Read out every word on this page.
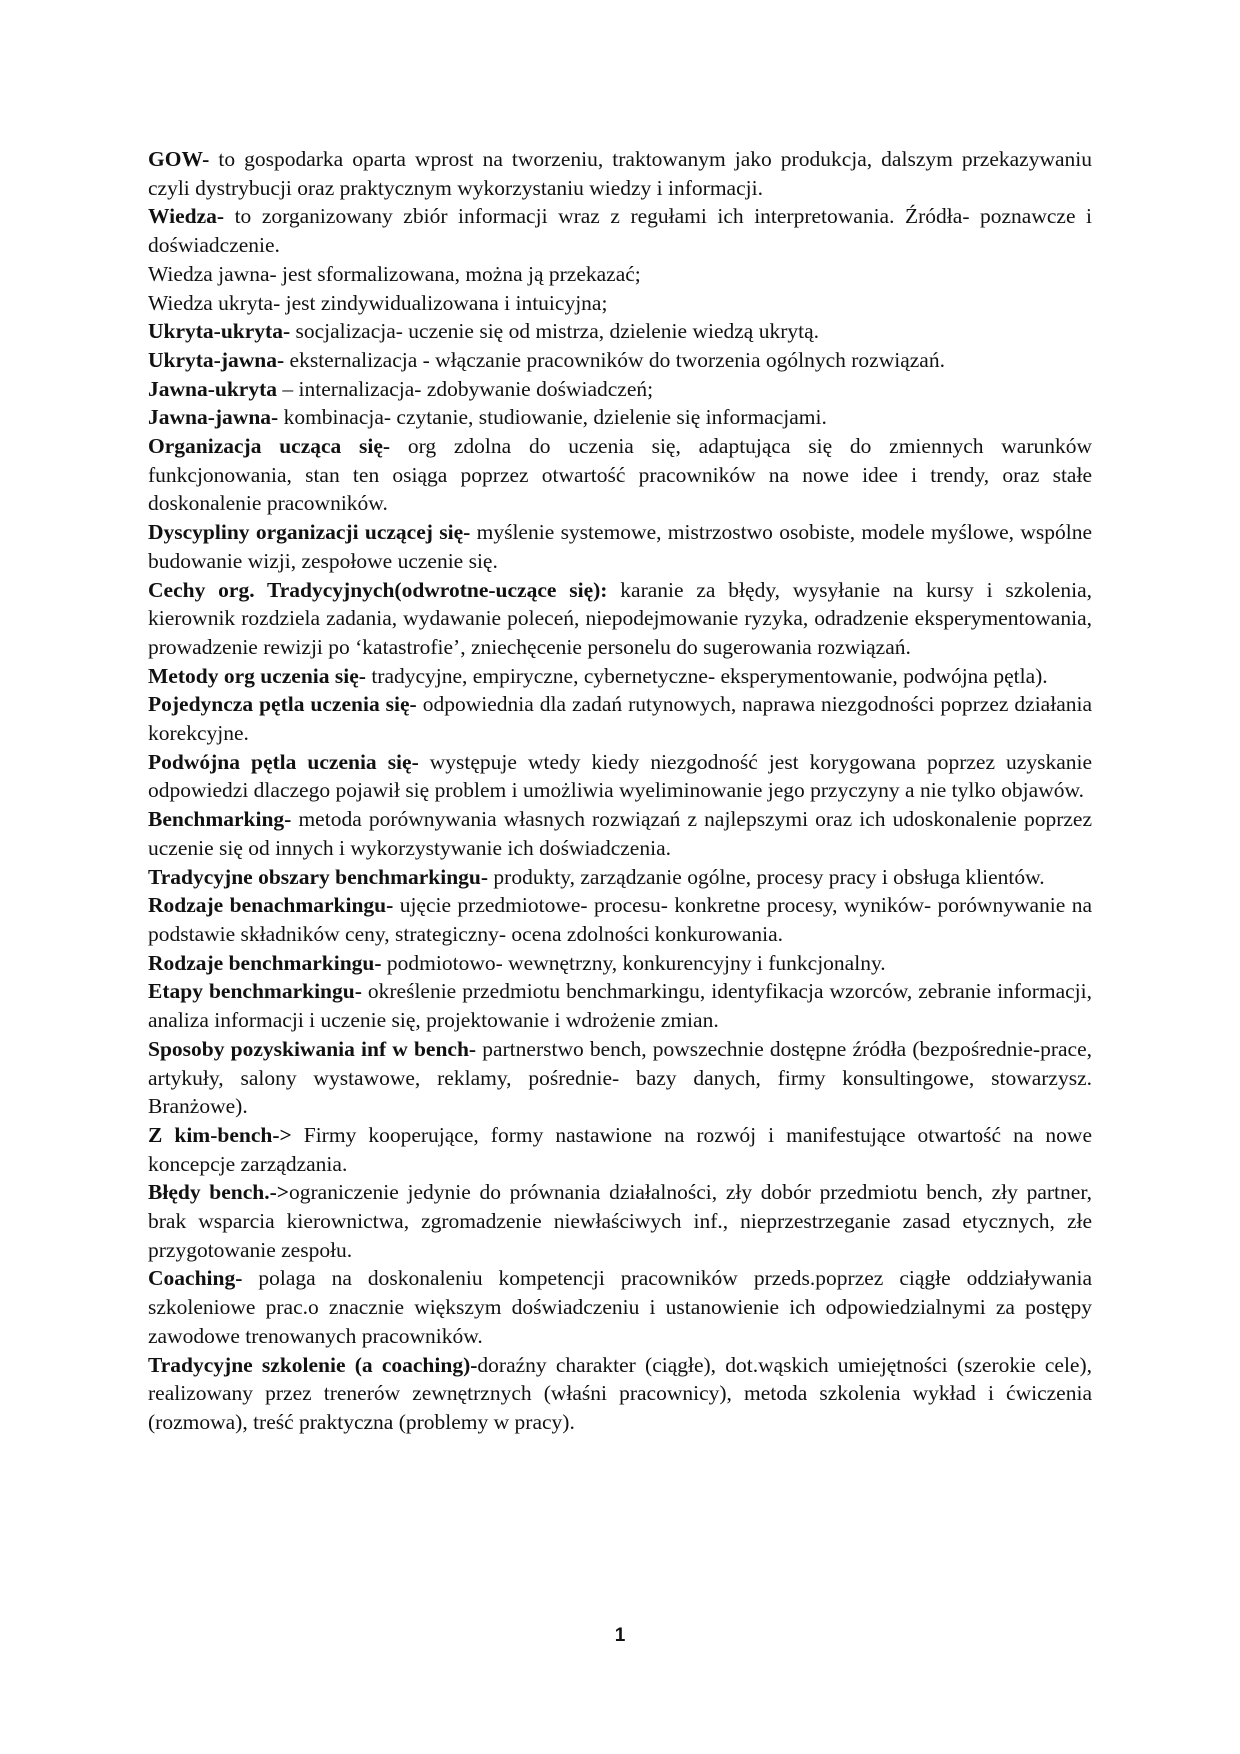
GOW- to gospodarka oparta wprost na tworzeniu, traktowanym jako produkcja, dalszym przekazywaniu czyli dystrybucji oraz praktycznym wykorzystaniu wiedzy i informacji.

Wiedza- to zorganizowany zbiór informacji wraz z regułami ich interpretowania. Źródła- poznawcze i doświadczenie.

Wiedza jawna- jest sformalizowana, można ją przekazać;

Wiedza ukryta- jest zindywidualizowana i intuicyjna;

Ukryta-ukryta- socjalizacja- uczenie się od mistrza, dzielenie wiedzą ukrytą.

Ukryta-jawna- eksternalizacja - włączanie pracowników do tworzenia ogólnych rozwiązań.

Jawna-ukryta – internalizacja- zdobywanie doświadczeń;

Jawna-jawna- kombinacja- czytanie, studiowanie, dzielenie się informacjami.

Organizacja ucząca się- org zdolna do uczenia się, adaptująca się do zmiennych warunków funkcjonowania, stan ten osiąga poprzez otwartość pracowników na nowe idee i trendy, oraz stałe doskonalenie pracowników.

Dyscypliny organizacji uczącej się- myślenie systemowe, mistrzostwo osobiste, modele myślowe, wspólne budowanie wizji, zespołowe uczenie się.

Cechy org. Tradycyjnych(odwrotne-uczące się): karanie za błędy, wysyłanie na kursy i szkolenia, kierownik rozdziela zadania, wydawanie poleceń, niepodejmowanie ryzyka, odradzenie eksperymentowania, prowadzenie rewizji po ‘katastrofie’, zniechęcenie personelu do sugerowania rozwiązań.

Metody org uczenia się- tradycyjne, empiryczne, cybernetyczne- eksperymentowanie, podwójna pętla).

Pojedyncza pętla uczenia się- odpowiednia dla zadań rutynowych, naprawa niezgodności poprzez działania korekcyjne.

Podwójna pętla uczenia się- występuje wtedy kiedy niezgodność jest korygowana poprzez uzyskanie odpowiedzi dlaczego pojawił się problem i umożliwia wyeliminowanie jego przyczyny a nie tylko objawów.

Benchmarking- metoda porównywania własnych rozwiązań z najlepszymi oraz ich udoskonalenie poprzez uczenie się od innych i wykorzystywanie ich doświadczenia.

Tradycyjne obszary benchmarkingu- produkty, zarządzanie ogólne, procesy pracy i obsługa klientów.

Rodzaje benachmarkingu- ujęcie przedmiotowe- procesu- konkretne procesy, wyników- porównywanie na podstawie składników ceny, strategiczny- ocena zdolności konkurowania.

Rodzaje benchmarkingu- podmiotowo- wewnętrzny, konkurencyjny i funkcjonalny.

Etapy benchmarkingu- określenie przedmiotu benchmarkingu, identyfikacja wzorców, zebranie informacji, analiza informacji i uczenie się, projektowanie i wdrożenie zmian.

Sposoby pozyskiwania inf w bench- partnerstwo bench, powszechnie dostępne źródła (bezpośrednie-prace, artykuły, salony wystawowe, reklamy, pośrednie- bazy danych, firmy konsultingowe, stowarzysz. Branżowe).

Z kim-bench-> Firmy kooperujące, formy nastawione na rozwój i manifestujące otwartość na nowe koncepcje zarządzania.

Błędy bench.->ograniczenie jedynie do prównania działalności, zły dobór przedmiotu bench, zły partner, brak wsparcia kierownictwa, zgromadzenie niewłaściwych inf., nieprzestrzeganie zasad etycznych, złe przygotowanie zespołu.

Coaching- polaga na doskonaleniu kompetencji pracowników przeds.poprzez ciągłe oddziaływania szkoleniowe prac.o znacznie większym doświadczeniu i ustanowienie ich odpowiedzialnymi za postępy zawodowe trenowanych pracowników.

Tradycyjne szkolenie (a coaching)-doraźny charakter (ciągłe), dot.wąskich umiejętności (szerokie cele), realizowany przez trenerów zewnętrznych (właśni pracownicy), metoda szkolenia wykład i ćwiczenia (rozmowa), treść praktyczna (problemy w pracy).

1
